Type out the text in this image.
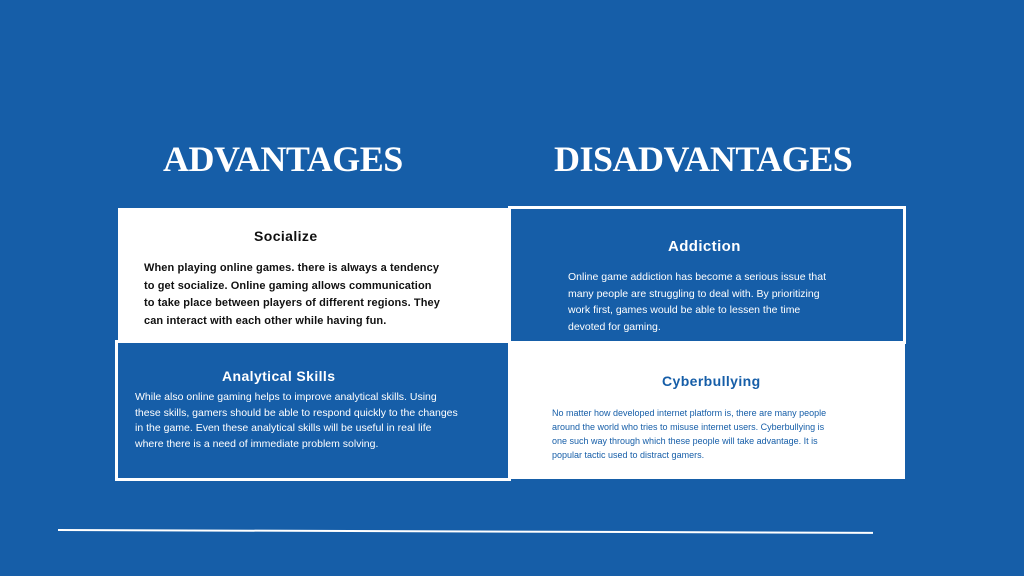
ADVANTAGES	DISADVANTAGES
Socialize
When playing online games. there is always a tendency
to get socialize. Online gaming allows communication
to take place between players of different regions. They
can interact with each other while having fun.
Addiction
Online game addiction has become a serious issue that
many people are struggling to deal with. By prioritizing
work first, games would be able to lessen the time
devoted for gaming.
Analytical Skills
While also online gaming helps to improve analytical skills. Using
these skills, gamers should be able to respond quickly to the changes
in the game. Even these analytical skills will be useful in real life
where there is a need of immediate problem solving.
Cyberbullying
No matter how developed internet platform is, there are many people
around the world who tries to misuse internet users. Cyberbullying is
one such way through which these people will take advantage. It is
popular tactic used to distract gamers.
